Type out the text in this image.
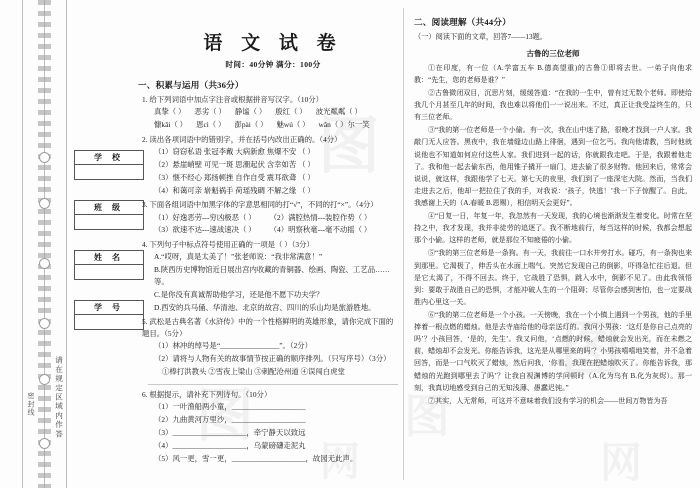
请在规定区域内作答
密封线
学 校
班 级
姓 名
学 号
语 文 试 卷
时间：40分钟 满分：100分
一、积累与运用（共36分）
1. 给下列词语中加点字注音或根据拼音写汉字。（10分）
真挚（ ） 恶劣（ ） 静谧（ ） 殷红（ ） 波光粼粼（ ）
慷kǎi（ ） 恩cì（ ） 澎pài（ ） 魅wú（ ） wǎn（ ）尔一笑
2. 读出各项词语中的错别字，并在括号内改出正确的。（4分）
（1）窃窃私语 张冠李戴 大病新愈 焦爆不安 （ ）
（2）悬崖峭壁 可见一斑 思潮起伏 含幸如苦 （ ）
（3）惬不经心 郑扬顿挫 自作自受 震耳欲聋 （ ）
（4）和蔼可亲 崭魁祸手 荷瑶残碉 不解之缘 （ ）
3. 下面各组词语中加黑字体的字意思相同的打“√”，不同的打“×”。（4分）
（1）好逸恶劳---穷凶极恶（ ） （2）满腔热情---装腔作势（ ）
（3）欲速不达---速战速决（ ） （4）明察秋毫---毫不动摇（ ）
4. 下列句子中标点符号使用正确的一项是（ ）（3分）
A.“哎呀，真是太美了！”张老师说：“我非常满意！”
B.陕西历史博物馆近日展出宫内收藏的青铜器、绘画、陶瓷、工艺品……等。
C.是你没有真诚帮助他学习，还是他不愿下功夫学？
D.西安的兵马俑、华清池、北京的故宫、四川的乐山均是旅游胜地。
5. 武松是古典名著《水浒传》中的一个性格鲜明的英雄形象，请你完成下面的题目。（5分）
（1）林冲的绰号是“________________”。（2分）
（2）请将与人物有关的故事情节按正确的顺序排列。（只写序号）（3分）
①棒打洪教头 ②雪夜上梁山 ③刺配沧州道 ④误闯白虎堂
6. 根据提示，请补充下列诗句。（10分）
（1）一叶渔船两小童，____________________
（2）九曲黄河万里沙，____________________
（3）____________________，牵宁静天以致远
（4）____________________，乌蒙磅礴走泥丸
（5）风一更，雪一更，____________________，故园无此声。
二、阅读理解（共44分）
（一）阅读下面的文章，回答7——13题。
古鲁的三位老师
①在印度，有一位（A.学富五车 B.德高望重)的古鲁①即将去世。一弟子向他求教：“先生，您的老师是谁？”
②古鲁微闭双目，沉思片刻，缓缓答道：“在我的一生中，曾有过无数个老师。即使给我几个月甚至几年的时间，我也难以将他们一一说出来。不过，真正让我受益终生的，只有三位老师。
③“我的第一位老师是一个小偷。有一次，我在山中迷了路，很晚才找到一户人家。我敲门无人应答。黑夜中，我在墙缝边山路上徘徊，遇到一位乞丐。我向他请教，当时他就说他也不知道如何应付这些人家。我们进到一起的话，你就跟我走吧。于是，我跟着他走了。我和他一起去偷东西，他用锥子撬开一扇门，进去偷了很多财物。他回来后，常常会说说，就这样，我跟他学了七天。第七天的夜里，我们到了一座深宅大院。然而，当我们走进去之后，他却一把拉住了我的手，对我说：‘孩子，快逃！’我一下子惊醒了。自此，我感谢上天的（A.春暖 B.恩赐），相信明天会更好”。
④“日复一日，年复一年，我忽然有一天发现，我的心境也渐渐发生着变化。时常在坚持之中，我才发现，我并非徒劳的追逐了。我不断地前行，每当这样的时候，我都会想起那个小偷。这样的老师，就是那位不知疲倦的小偷。
⑤“我的第三位老师是一条狗。有一天，我前往一口水井旁打水。碰巧，有一条狗也来到那里。它渴极了，伸舌头在水面上喘气。突然它发现自己的倒影，吓得急忙往后退。但是它太渴了，不得不回去。终于，它战胜了恐惧，跳入水中，倒影不见了。由此我领悟到：要敢于战胜自己的恐惧，才能冲破人生的一个阻碍；尽管你会感到害怕，也一定要战胜内心里这一关。
⑥“我的第二位老师是一个小孩。一天傍晚，我在一个小镇上遇到一个男孩，他的手里捧着一根点燃的蜡烛。他是去寺庙给他的母亲送灯的。我问小男孩：‘这灯是你自己点亮的吗’？小孩回答，‘是的，先生’。我又问他，‘点燃的时候，蜡烛就会发出光，而在未燃之前，蜡烛却不会发光。你能告诉我，这光是从哪里来的吗’？小男孩嘻嘻地笑着，并不急着回答，而是一口气吹灭了蜡烛，然后问我，‘你看，我现在把蜡烛吹灭了。你能告诉我，那蜡烛的光跑到哪里去了吗’？让我自视渊博的学问顿时（A.化为乌有 B.化为灰烬）。那一刻，我真切地感受到自己的无知浅薄、愚蠢迟钝。”
⑦其实，人无常师，可这并不意味着我们没有学习的机会——世间万物皆为吾
